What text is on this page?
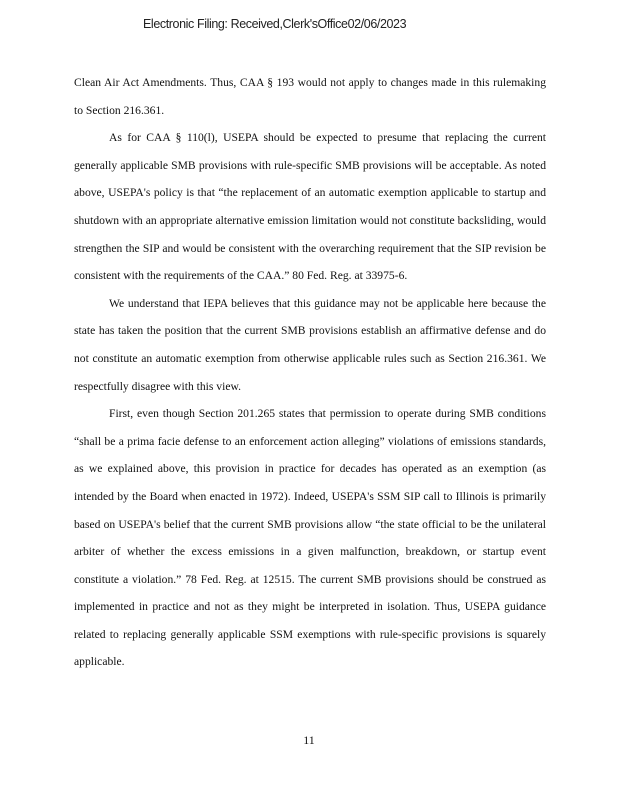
Electronic Filing: Received,Clerk'sOffice02/06/2023

Clean Air Act Amendments. Thus, CAA § 193 would not apply to changes made in this rulemaking to Section 216.361.

As for CAA § 110(l), USEPA should be expected to presume that replacing the current generally applicable SMB provisions with rule-specific SMB provisions will be acceptable. As noted above, USEPA's policy is that “the replacement of an automatic exemption applicable to startup and shutdown with an appropriate alternative emission limitation would not constitute backsliding, would strengthen the SIP and would be consistent with the overarching requirement that the SIP revision be consistent with the requirements of the CAA.” 80 Fed. Reg. at 33975-6.

We understand that IEPA believes that this guidance may not be applicable here because the state has taken the position that the current SMB provisions establish an affirmative defense and do not constitute an automatic exemption from otherwise applicable rules such as Section 216.361. We respectfully disagree with this view.

First, even though Section 201.265 states that permission to operate during SMB conditions “shall be a prima facie defense to an enforcement action alleging” violations of emissions standards, as we explained above, this provision in practice for decades has operated as an exemption (as intended by the Board when enacted in 1972). Indeed, USEPA's SSM SIP call to Illinois is primarily based on USEPA's belief that the current SMB provisions allow “the state official to be the unilateral arbiter of whether the excess emissions in a given malfunction, breakdown, or startup event constitute a violation.” 78 Fed. Reg. at 12515. The current SMB provisions should be construed as implemented in practice and not as they might be interpreted in isolation. Thus, USEPA guidance related to replacing generally applicable SSM exemptions with rule-specific provisions is squarely applicable.

11
